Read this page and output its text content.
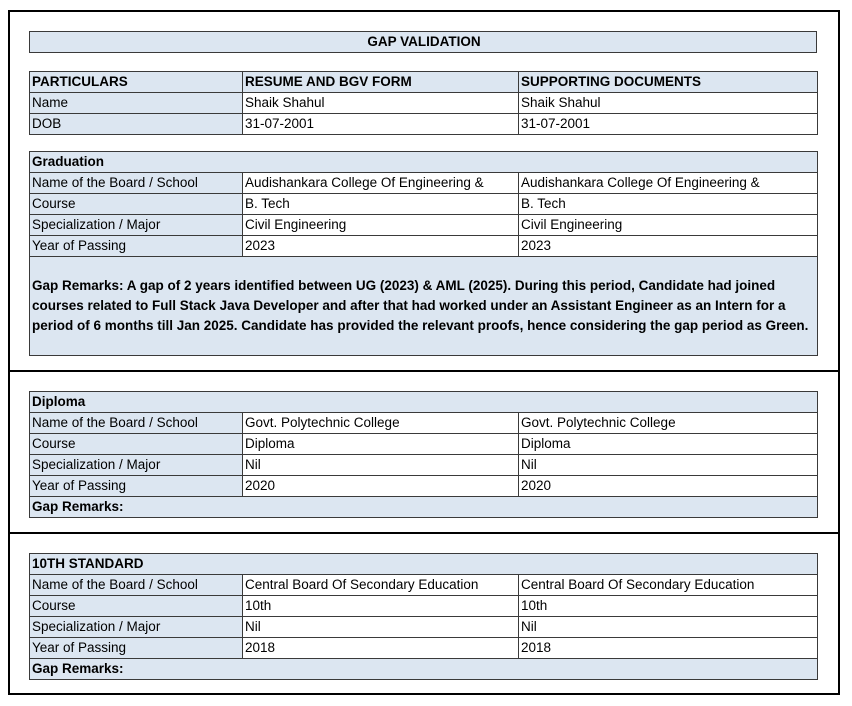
GAP VALIDATION
PARTICULARS	RESUME AND BGV FORM	SUPPORTING DOCUMENTS
Name	Shaik Shahul	Shaik Shahul
DOB	31-07-2001	31-07-2001
Graduation		
Name of the Board / School	Audishankara College Of Engineering &	Audishankara College Of Engineering &
Course	B. Tech	B. Tech
Specialization / Major	Civil Engineering	Civil Engineering
Year of Passing	2023	2023
Gap Remarks: A gap of 2 years identified between UG (2023) & AML (2025). During this period, Candidate had joined courses related to Full Stack Java Developer and after that had worked under an Assistant Engineer as an Intern for a period of 6 months till Jan 2025. Candidate has provided the relevant proofs, hence considering the gap period as Green.		
Diploma		
Name of the Board / School	Govt. Polytechnic College	Govt. Polytechnic College
Course	Diploma	Diploma
Specialization / Major	Nil	Nil
Year of Passing	2020	2020
Gap Remarks:		
10TH STANDARD		
Name of the Board / School	Central Board Of Secondary Education	Central Board Of Secondary Education
Course	10th	10th
Specialization / Major	Nil	Nil
Year of Passing	2018	2018
Gap Remarks:		
